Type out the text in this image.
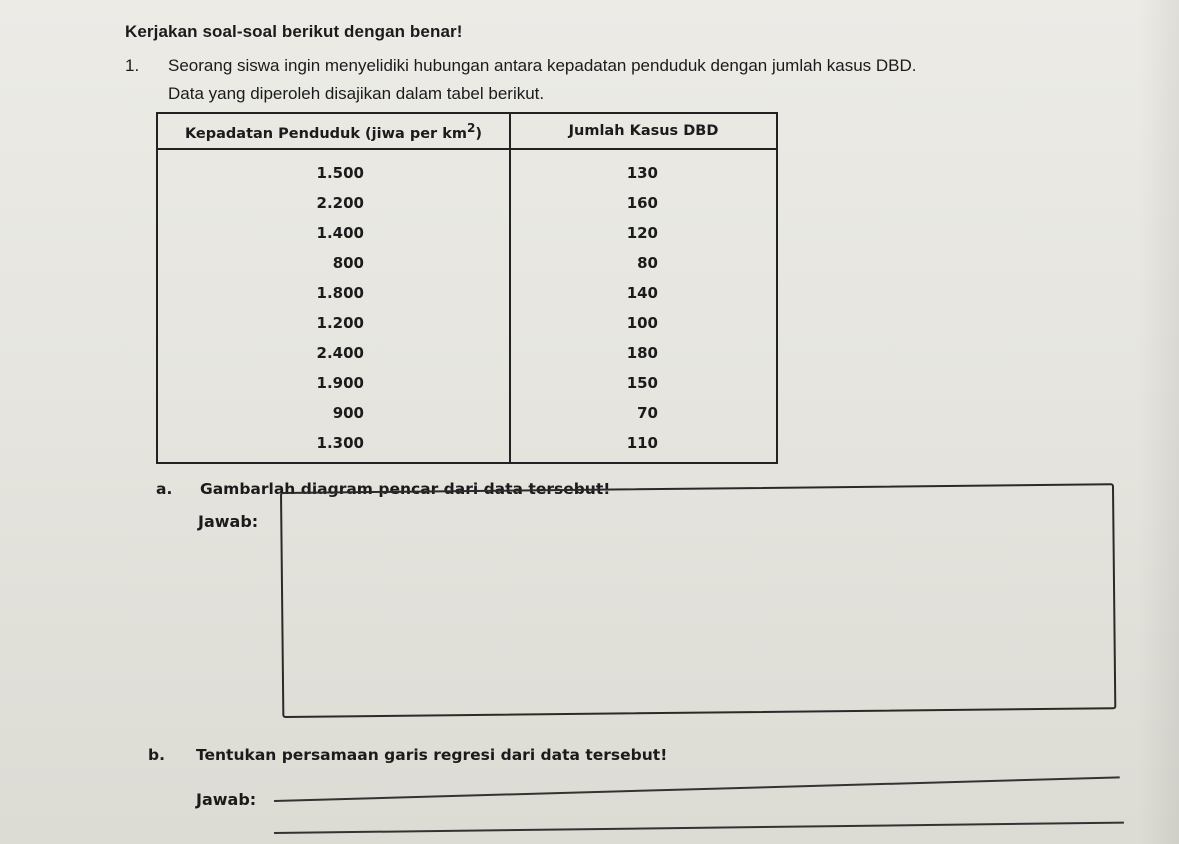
Kerjakan soal-soal berikut dengan benar!
1. Seorang siswa ingin menyelidiki hubungan antara kepadatan penduduk dengan jumlah kasus DBD.
Data yang diperoleh disajikan dalam tabel berikut.
Kepadatan Penduduk (jiwa per $km^2$)	Jumlah Kasus DBD
1.500	130
2.200	160
1.400	120
800	80
1.800	140
1.200	100
2.400	180
1.900	150
900	70
1.300	110
a. Gambarlah diagram pencar dari data tersebut!
Jawab:
b. Tentukan persamaan garis regresi dari data tersebut!
Jawab:
